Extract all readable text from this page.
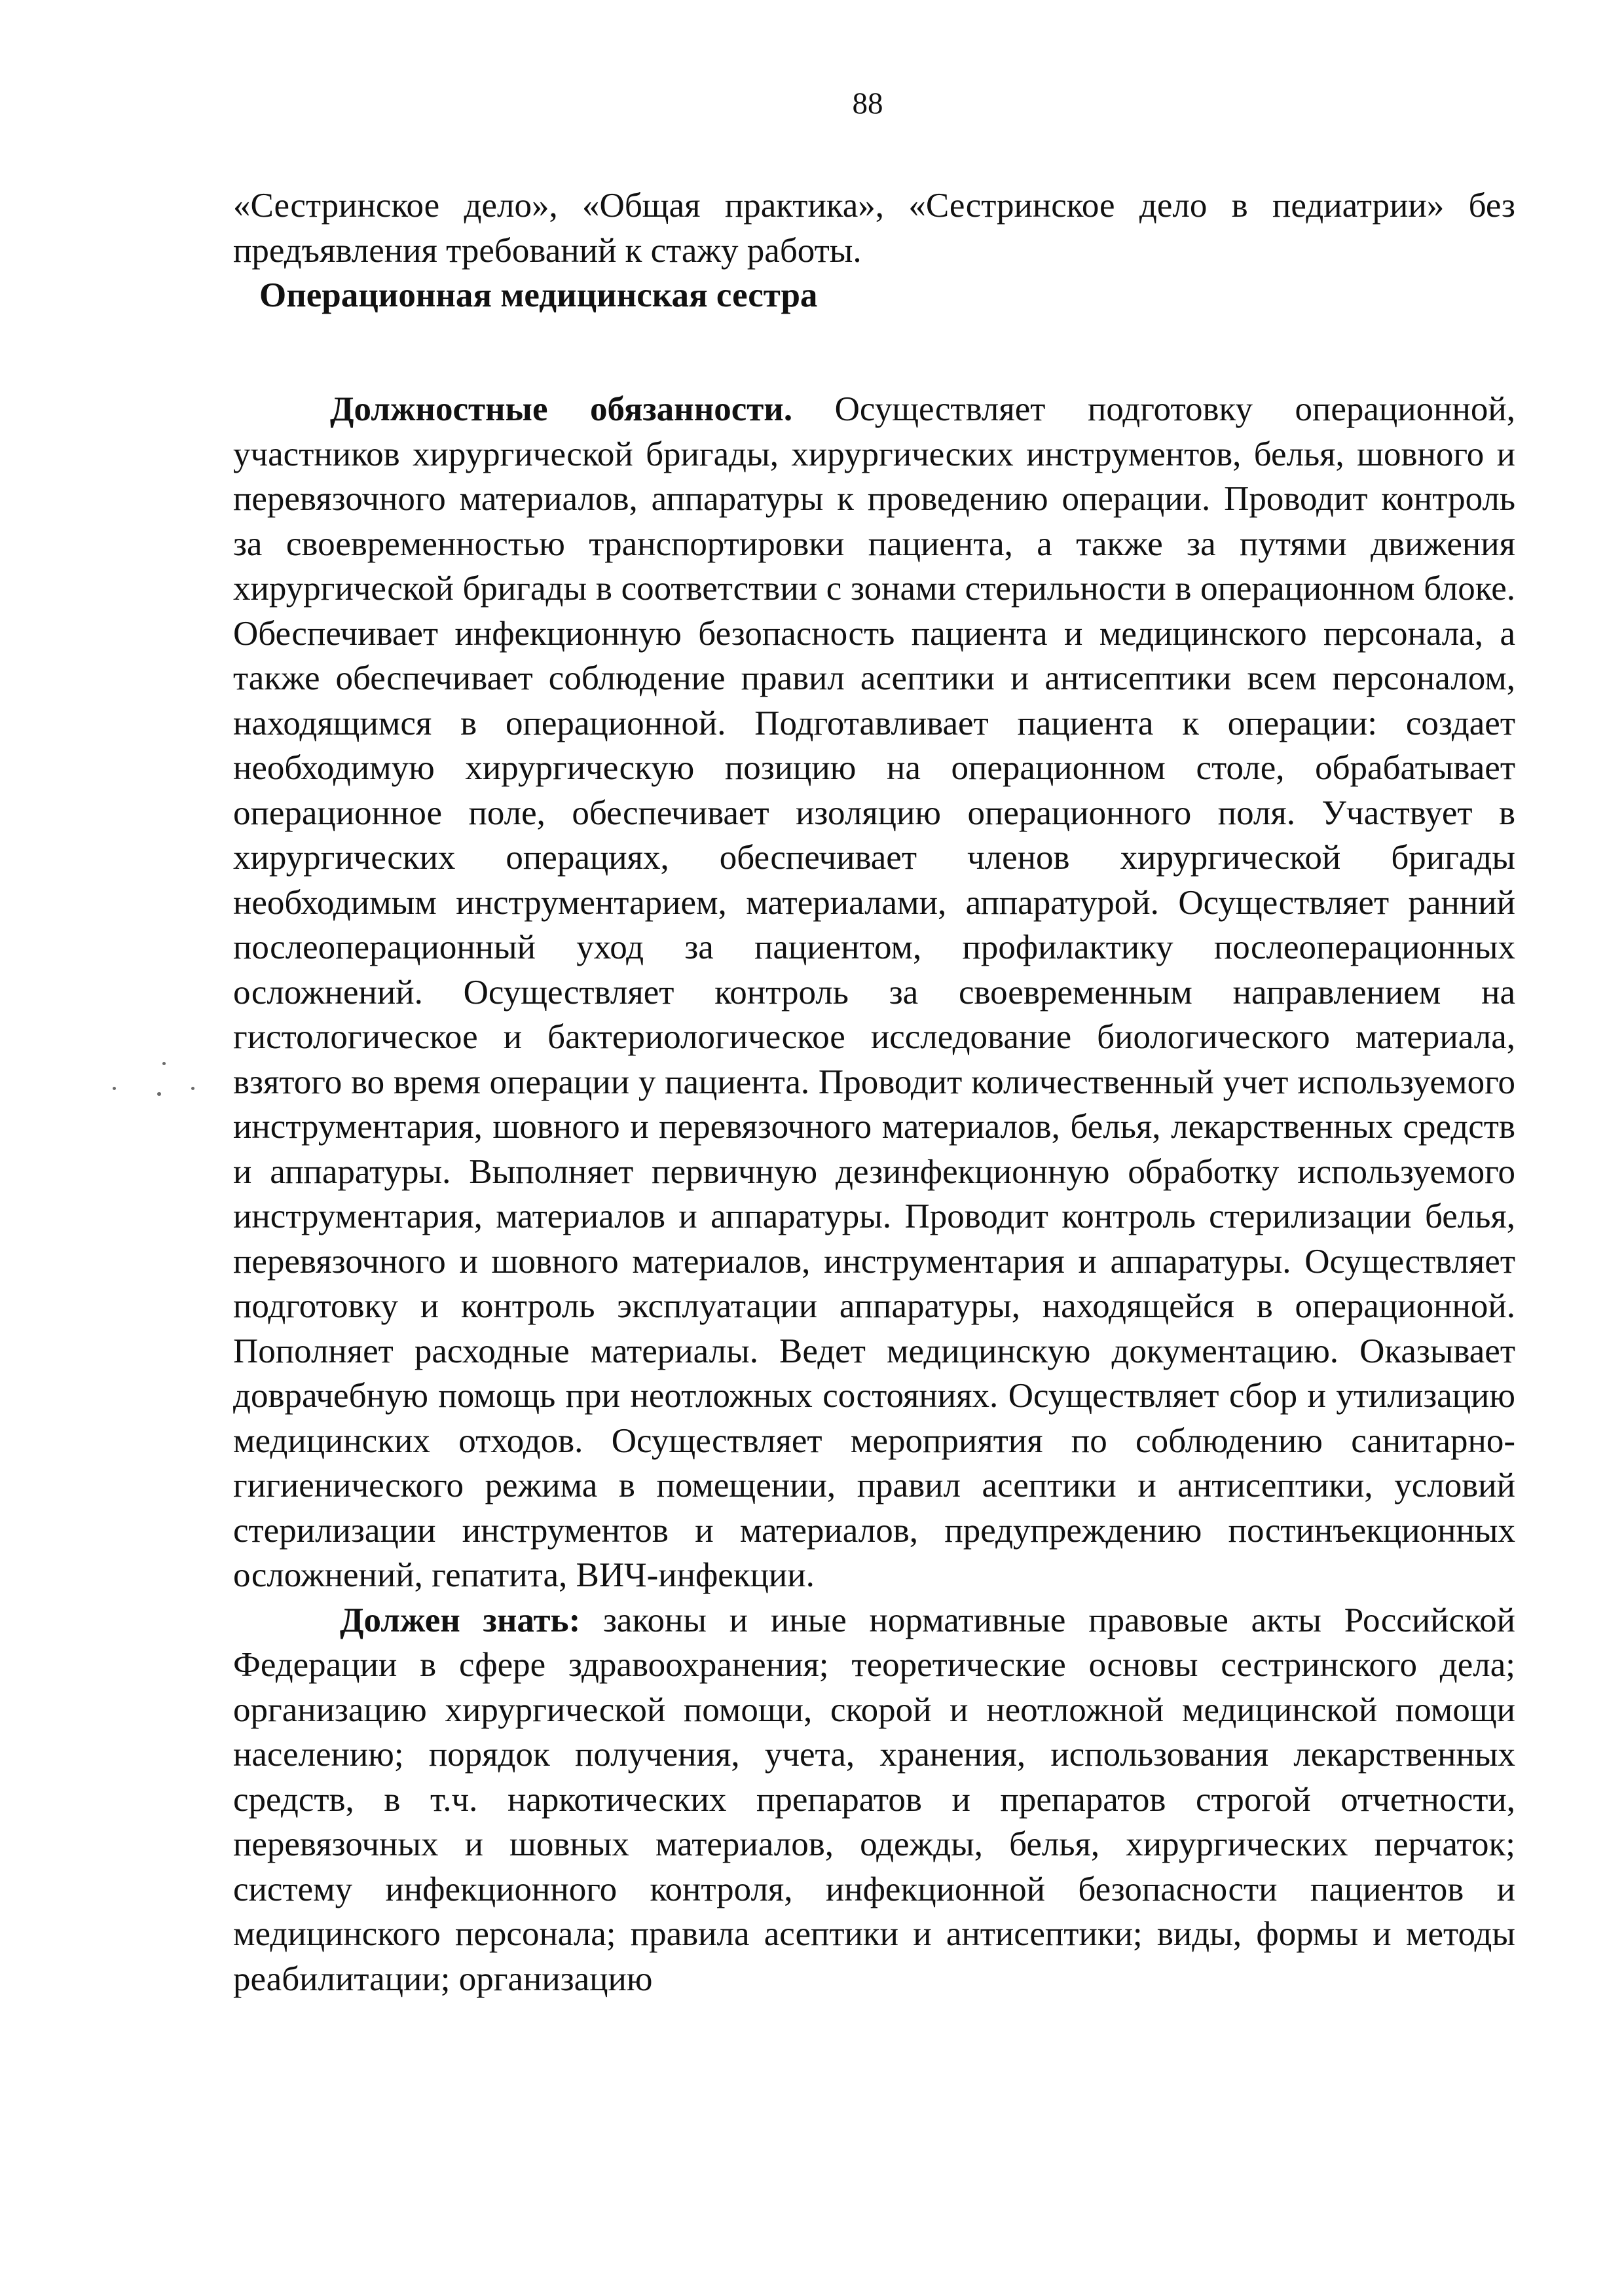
88

«Сестринское дело», «Общая практика», «Сестринское дело в педиатрии» без предъявления требований к стажу работы.

Операционная медицинская сестра

Должностные обязанности. Осуществляет подготовку операционной, участников хирургической бригады, хирургических инструментов, белья, шовного и перевязочного материалов, аппаратуры к проведению операции. Проводит контроль за своевременностью транспортировки пациента, а также за путями движения хирургической бригады в соответствии с зонами стерильности в операционном блоке. Обеспечивает инфекционную безопасность пациента и медицинского персонала, а также обеспечивает соблюдение правил асептики и антисептики всем персоналом, находящимся в операционной. Подготавливает пациента к операции: создает необходимую хирургическую позицию на операционном столе, обрабатывает операционное поле, обеспечивает изоляцию операционного поля. Участвует в хирургических операциях, обеспечивает членов хирургической бригады необходимым инструментарием, материалами, аппаратурой. Осуществляет ранний послеоперационный уход за пациентом, профилактику послеоперационных осложнений. Осуществляет контроль за своевременным направлением на гистологическое и бактериологическое исследование биологического материала, взятого во время операции у пациента. Проводит количественный учет используемого инструментария, шовного и перевязочного материалов, белья, лекарственных средств и аппаратуры. Выполняет первичную дезинфекционную обработку используемого инструментария, материалов и аппаратуры. Проводит контроль стерилизации белья, перевязочного и шовного материалов, инструментария и аппаратуры. Осуществляет подготовку и контроль эксплуатации аппаратуры, находящейся в операционной. Пополняет расходные материалы. Ведет медицинскую документацию. Оказывает доврачебную помощь при неотложных состояниях. Осуществляет сбор и утилизацию медицинских отходов. Осуществляет мероприятия по соблюдению санитарно-гигиенического режима в помещении, правил асептики и антисептики, условий стерилизации инструментов и материалов, предупреждению постинъекционных осложнений, гепатита, ВИЧ-инфекции.

Должен знать: законы и иные нормативные правовые акты Российской Федерации в сфере здравоохранения; теоретические основы сестринского дела; организацию хирургической помощи, скорой и неотложной медицинской помощи населению; порядок получения, учета, хранения, использования лекарственных средств, в т.ч. наркотических препаратов и препаратов строгой отчетности, перевязочных и шовных материалов, одежды, белья, хирургических перчаток; систему инфекционного контроля, инфекционной безопасности пациентов и медицинского персонала; правила асептики и антисептики; виды, формы и методы реабилитации; организацию
